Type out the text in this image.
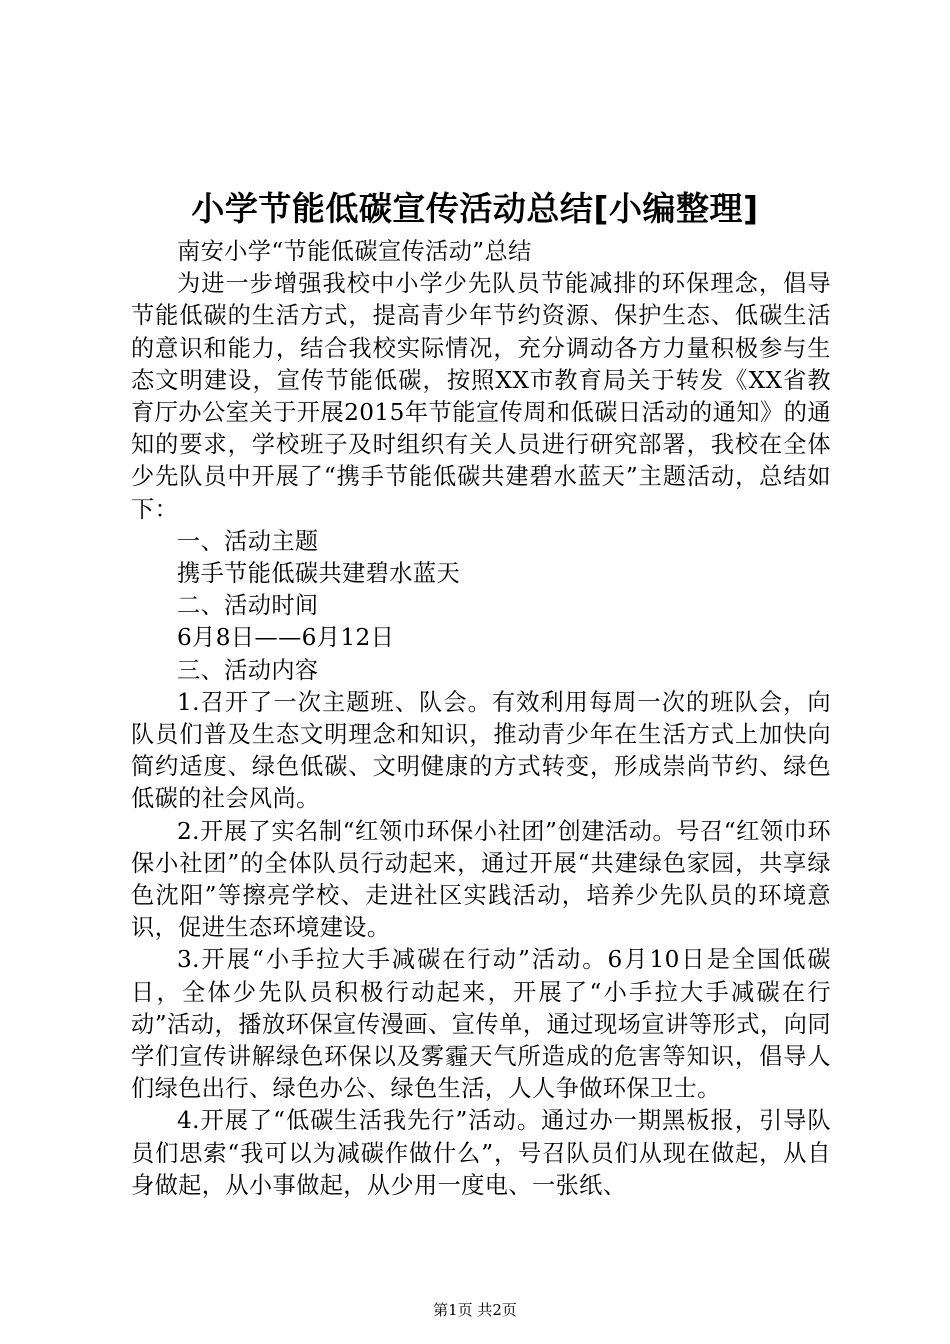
小学节能低碳宣传活动总结[小编整理]

南安小学“节能低碳宣传活动”总结

为进一步增强我校中小学少先队员节能减排的环保理念，倡导节能低碳的生活方式，提高青少年节约资源、保护生态、低碳生活的意识和能力，结合我校实际情况，充分调动各方力量积极参与生态文明建设，宣传节能低碳，按照XX市教育局关于转发《XX省教育厅办公室关于开展2015年节能宣传周和低碳日活动的通知》的通知的要求，学校班子及时组织有关人员进行研究部署，我校在全体少先队员中开展了“携手节能低碳共建碧水蓝天”主题活动，总结如下：

一、活动主题

携手节能低碳共建碧水蓝天

二、活动时间

6月8日——6月12日

三、活动内容

1.召开了一次主题班、队会。有效利用每周一次的班队会，向队员们普及生态文明理念和知识，推动青少年在生活方式上加快向简约适度、绿色低碳、文明健康的方式转变，形成崇尚节约、绿色低碳的社会风尚。

2.开展了实名制“红领巾环保小社团”创建活动。号召“红领巾环保小社团”的全体队员行动起来，通过开展“共建绿色家园，共享绿色沈阳”等擦亮学校、走进社区实践活动，培养少先队员的环境意识，促进生态环境建设。

3.开展“小手拉大手减碳在行动”活动。6月10日是全国低碳日，全体少先队员积极行动起来，开展了“小手拉大手减碳在行动”活动，播放环保宣传漫画、宣传单，通过现场宣讲等形式，向同学们宣传讲解绿色环保以及雾霾天气所造成的危害等知识，倡导人们绿色出行、绿色办公、绿色生活，人人争做环保卫士。

4.开展了“低碳生活我先行”活动。通过办一期黑板报，引导队员们思索“我可以为减碳作做什么”，号召队员们从现在做起，从自身做起，从小事做起，从少用一度电、一张纸、

第1页 共2页
